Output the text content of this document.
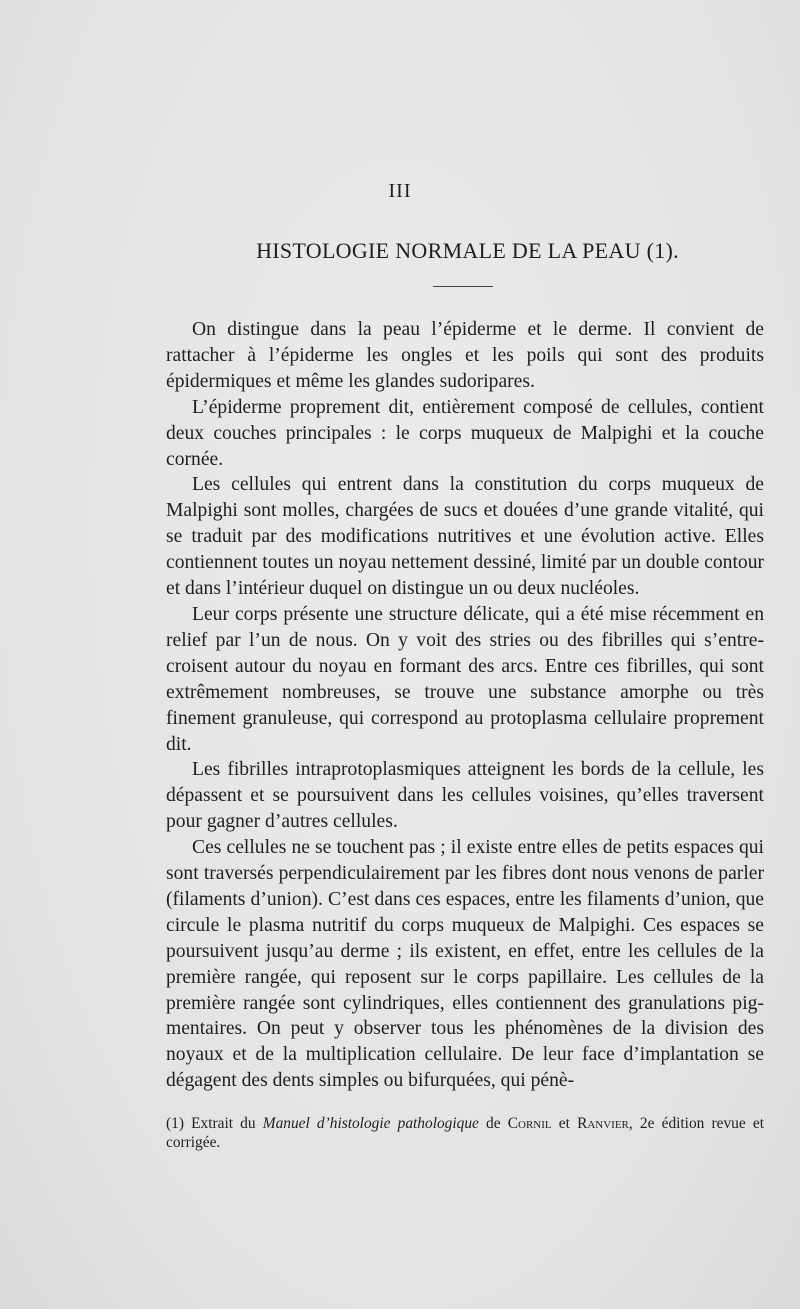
III
HISTOLOGIE NORMALE DE LA PEAU (1).

On distingue dans la peau l’épiderme et le derme. Il convient de rattacher à l’épiderme les ongles et les poils qui sont des produits épidermiques et même les glandes sudoripares.

L’épiderme proprement dit, entièrement composé de cellules, contient deux couches principales : le corps muqueux de Malpighi et la couche cornée.

Les cellules qui entrent dans la constitution du corps muqueux de Malpighi sont molles, chargées de sucs et douées d’une grande vitalité, qui se traduit par des modifications nutritives et une évolution active. Elles contiennent toutes un noyau nettement dessiné, limité par un double contour et dans l’intérieur duquel on distingue un ou deux nucléoles.

Leur corps présente une structure délicate, qui a été mise récemment en relief par l’un de nous. On y voit des stries ou des fibrilles qui s’entre-croisent autour du noyau en formant des arcs. Entre ces fibrilles, qui sont extrêmement nombreuses, se trouve une substance amorphe ou très finement granuleuse, qui correspond au protoplasma cellulaire proprement dit.

Les fibrilles intraprotoplasmiques atteignent les bords de la cellule, les dépassent et se poursuivent dans les cellules voisines, qu’elles traversent pour gagner d’autres cellules.

Ces cellules ne se touchent pas ; il existe entre elles de petits espaces qui sont traversés perpendiculairement par les fibres dont nous venons de parler (filaments d’union). C’est dans ces espaces, entre les filaments d’union, que circule le plasma nutritif du corps muqueux de Malpighi. Ces espaces se poursuivent jusqu’au derme ; ils existent, en effet, entre les cellules de la première rangée, qui reposent sur le corps papillaire. Les cellules de la première rangée sont cylindriques, elles contiennent des granulations pigmentaires. On peut y observer tous les phénomènes de la division des noyaux et de la multiplication cellulaire. De leur face d’implantation se dégagent des dents simples ou bifurquées, qui pénè-

(1) Extrait du Manuel d’histologie pathologique de Cornil et Ranvier, 2e édition revue et corrigée.
